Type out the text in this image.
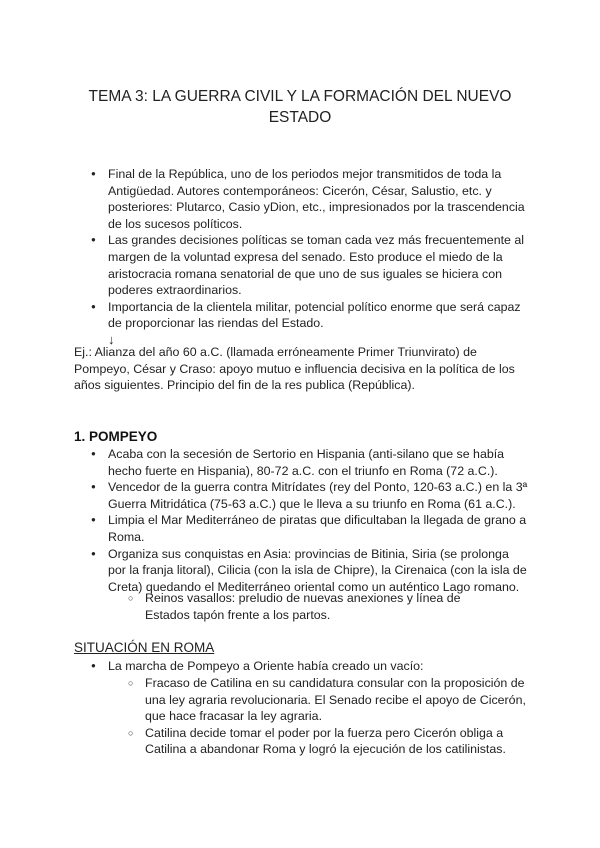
TEMA 3: LA GUERRA CIVIL Y LA FORMACIÓN DEL NUEVO ESTADO
● Final de la República, uno de los periodos mejor transmitidos de toda la Antigüedad. Autores contemporáneos: Cicerón, César, Salustio, etc. y posteriores: Plutarco, Casio yDion, etc., impresionados por la trascendencia de los sucesos políticos.
● Las grandes decisiones políticas se toman cada vez más frecuentemente al margen de la voluntad expresa del senado. Esto produce el miedo de la aristocracia romana senatorial de que uno de sus iguales se hiciera con poderes extraordinarios.
● Importancia de la clientela militar, potencial político enorme que será capaz de proporcionar las riendas del Estado.
↓
Ej.: Alianza del año 60 a.C. (llamada erróneamente Primer Triunvirato) de Pompeyo, César y Craso: apoyo mutuo e influencia decisiva en la política de los años siguientes. Principio del fin de la res publica (República).
1. POMPEYO
● Acaba con la secesión de Sertorio en Hispania (anti-silano que se había hecho fuerte en Hispania), 80-72 a.C. con el triunfo en Roma (72 a.C.).
● Vencedor de la guerra contra Mitrídates (rey del Ponto, 120-63 a.C.) en la 3ª Guerra Mitridática (75-63 a.C.) que le lleva a su triunfo en Roma (61 a.C.).
● Limpia el Mar Mediterráneo de piratas que dificultaban la llegada de grano a Roma.
● Organiza sus conquistas en Asia: provincias de Bitinia, Siria (se prolonga por la franja litoral), Cilicia (con la isla de Chipre), la Cirenaica (con la isla de Creta) quedando el Mediterráneo oriental como un auténtico Lago romano.
○ Reinos vasallos: preludio de nuevas anexiones y línea de Estados tapón frente a los partos.
SITUACIÓN EN ROMA
● La marcha de Pompeyo a Oriente había creado un vacío:
○ Fracaso de Catilina en su candidatura consular con la proposición de una ley agraria revolucionaria. El Senado recibe el apoyo de Cicerón, que hace fracasar la ley agraria.
○ Catilina decide tomar el poder por la fuerza pero Cicerón obliga a Catilina a abandonar Roma y logró la ejecución de los catilinistas.
